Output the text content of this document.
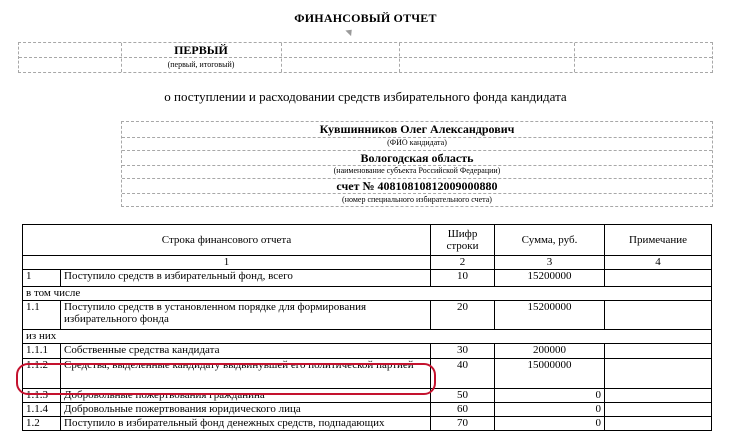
ФИНАНСОВЫЙ ОТЧЕТ
ПЕРВЫЙ
(первый, итоговый)
о поступлении и расходовании средств избирательного фонда кандидата
Кувшинников Олег Александрович
(ФИО кандидата)
Вологодская область
(наименование субъекта Российской Федерации)
счет № 40810810812009000880
(номер специального избирательного счета)
Строка финансового отчета		Шифр строки	Сумма, руб.	Примечание
1		2	3	4
1	Поступило средств в избирательный фонд, всего	10	15200000	
в том числе				
1.1	Поступило средств в установленном порядке для формирования избирательного фонда	20	15200000	
из них				
1.1.1	Собственные средства кандидата	30	200000	
1.1.2	Средства, выделенные кандидату выдвинувшей его политической партией	40	15000000	
1.1.3	Добровольные пожертвования гражданина	50	0	
1.1.4	Добровольные пожертвования юридического лица	60	0	
1.2	Поступило в избирательный фонд денежных средств, подпадающих	70	0	
